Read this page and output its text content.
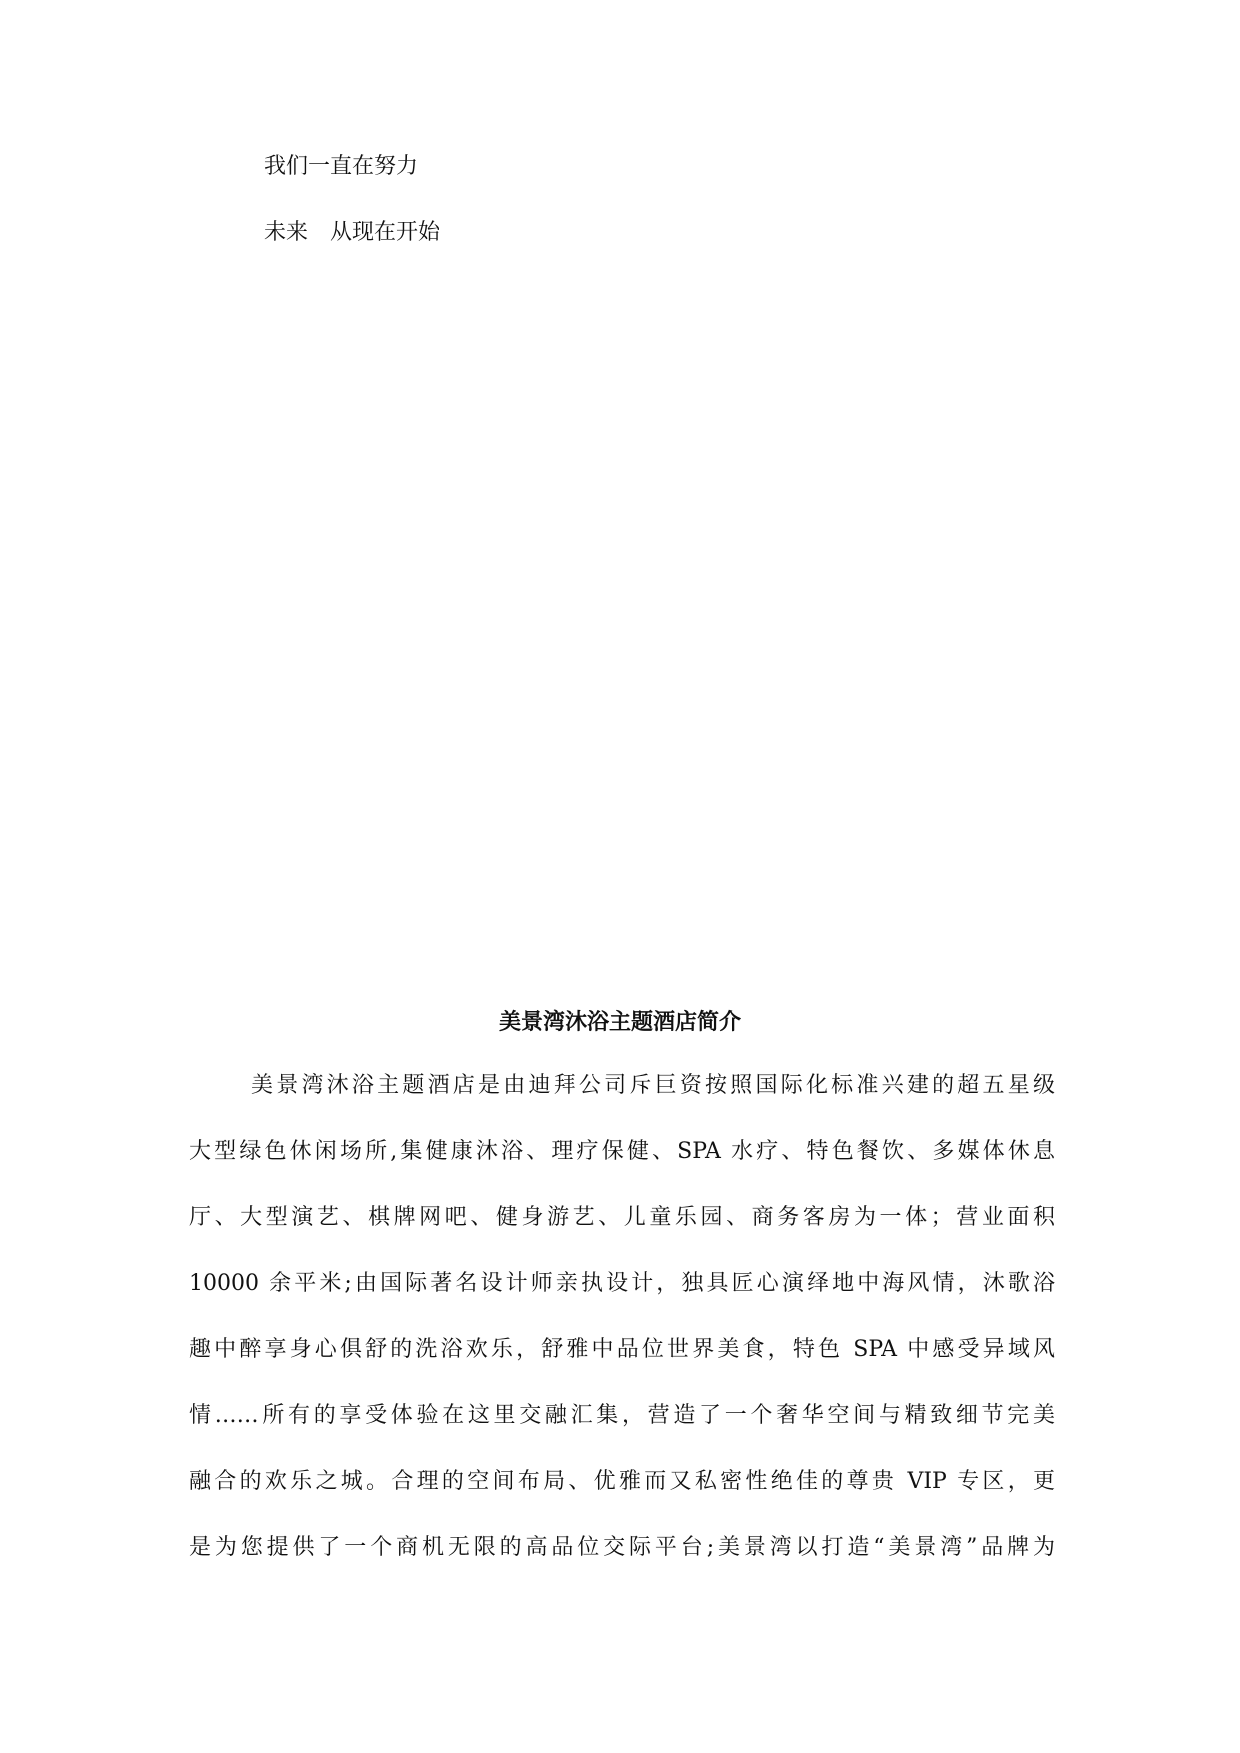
我们一直在努力

未来　从现在开始

美景湾沐浴主题酒店简介
美景湾沐浴主题酒店是由迪拜公司斥巨资按照国际化标准兴建的超五星级
大型绿色休闲场所,集健康沐浴、理疗保健、SPA 水疗、特色餐饮、多媒体休息
厅、大型演艺、棋牌网吧、健身游艺、儿童乐园、商务客房为一体；营业面积
10000 余平米;由国际著名设计师亲执设计，独具匠心演绎地中海风情，沐歌浴
趣中醉享身心俱舒的洗浴欢乐，舒雅中品位世界美食，特色 SPA 中感受异域风
情……所有的享受体验在这里交融汇集，营造了一个奢华空间与精致细节完美
融合的欢乐之城。合理的空间布局、优雅而又私密性绝佳的尊贵 VIP 专区，更
是为您提供了一个商机无限的高品位交际平台;美景湾以打造“美景湾”品牌为
